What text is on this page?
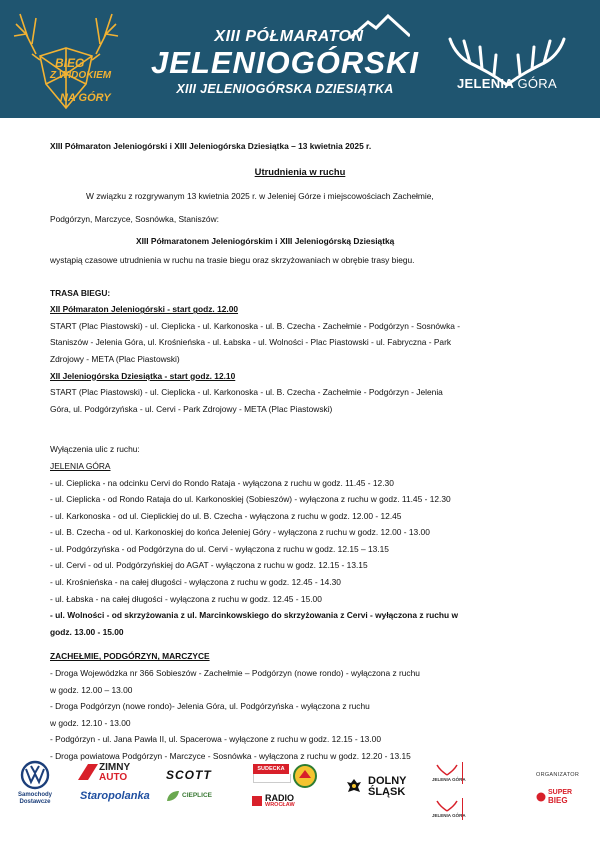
BIEG
Z WIDOKIEM
NA GÓRY
XIII PÓŁMARATON
JELENIOGÓRSKI
XIII JELENIOGÓRSKA DZIESIĄTKA	JELENIA GÓRA

XIII Półmaraton Jeleniogórski i XIII Jeleniogórska Dziesiątka – 13 kwietnia 2025 r.

Utrudnienia w ruchu

W związku z rozgrywanym 13 kwietnia 2025 r. w Jeleniej Górze i miejscowościach Zachełmie,

Podgórzyn, Marczyce, Sosnówka, Staniszów:

XIII Półmaratonem Jeleniogórskim i XIII Jeleniogórską Dziesiątką

wystąpią czasowe utrudnienia w ruchu na trasie biegu oraz skrzyżowaniach w obrębie trasy biegu.

TRASA BIEGU:

XII Półmaraton Jeleniogórski - start godz. 12.00

START (Plac Piastowski) - ul. Cieplicka - ul. Karkonoska - ul. B. Czecha - Zachełmie - Podgórzyn - Sosnówka -

Staniszów - Jelenia Góra, ul. Krośnieńska - ul. Łabska - ul. Wolności - Plac Piastowski - ul. Fabryczna - Park

Zdrojowy - META (Plac Piastowski)

XII Jeleniogórska Dziesiątka - start godz. 12.10

START (Plac Piastowski) - ul. Cieplicka - ul. Karkonoska - ul. B. Czecha - Zachełmie - Podgórzyn - Jelenia

Góra, ul. Podgórzyńska - ul. Cervi - Park Zdrojowy - META (Plac Piastowski)

Wyłączenia ulic z ruchu:

JELENIA GÓRA

- ul. Cieplicka - na odcinku Cervi do Rondo Rataja - wyłączona z ruchu w godz. 11.45 - 12.30

- ul. Cieplicka - od Rondo Rataja do ul. Karkonoskiej (Sobieszów) - wyłączona z ruchu w godz. 11.45 - 12.30

- ul. Karkonoska - od ul. Cieplickiej do ul. B. Czecha - wyłączona z ruchu w godz. 12.00 - 12.45

- ul. B. Czecha - od ul. Karkonoskiej do końca Jeleniej Góry - wyłączona z ruchu w godz. 12.00 - 13.00

- ul. Podgórzyńska - od Podgórzyna do ul. Cervi - wyłączona z ruchu w godz. 12.15 – 13.15

- ul. Cervi - od ul. Podgórzyńskiej do AGAT - wyłączona z ruchu w godz. 12.15 - 13.15

- ul. Krośnieńska - na całej długości - wyłączona z ruchu w godz. 12.45 - 14.30

- ul. Łabska - na całej długości - wyłączona z ruchu w godz. 12.45 - 15.00

- ul. Wolności - od skrzyżowania z ul. Marcinkowskiego do skrzyżowania z Cervi - wyłączona z ruchu w

godz. 13.00 - 15.00

ZACHEŁMIE, PODGÓRZYN, MARCZYCE

- Droga Wojewódzka nr 366 Sobieszów - Zachełmie – Podgórzyn (nowe rondo) - wyłączona z ruchu

w godz. 12.00 – 13.00

- Droga Podgórzyn (nowe rondo)- Jelenia Góra, ul. Podgórzyńska - wyłączona z ruchu

w godz. 12.10 - 13.00

- Podgórzyn - ul. Jana Pawła II, ul. Spacerowa - wyłączone z ruchu w godz. 12.15 - 13.00

- Droga powiatowa Podgórzyn - Marczyce - Sosnówka - wyłączona z ruchu w godz. 12.20 - 13.15

Samochody Dostawcze
ZIMNY
AUTO
Staropolanka
SCOTT
CIEPLICE
SUDECKA
RADIO
WROCŁAW
DOLNY
ŚLĄSK
JELENIA GÓRA
JELENIA GÓRA
ORGANIZATOR
SUPER
BIEG
